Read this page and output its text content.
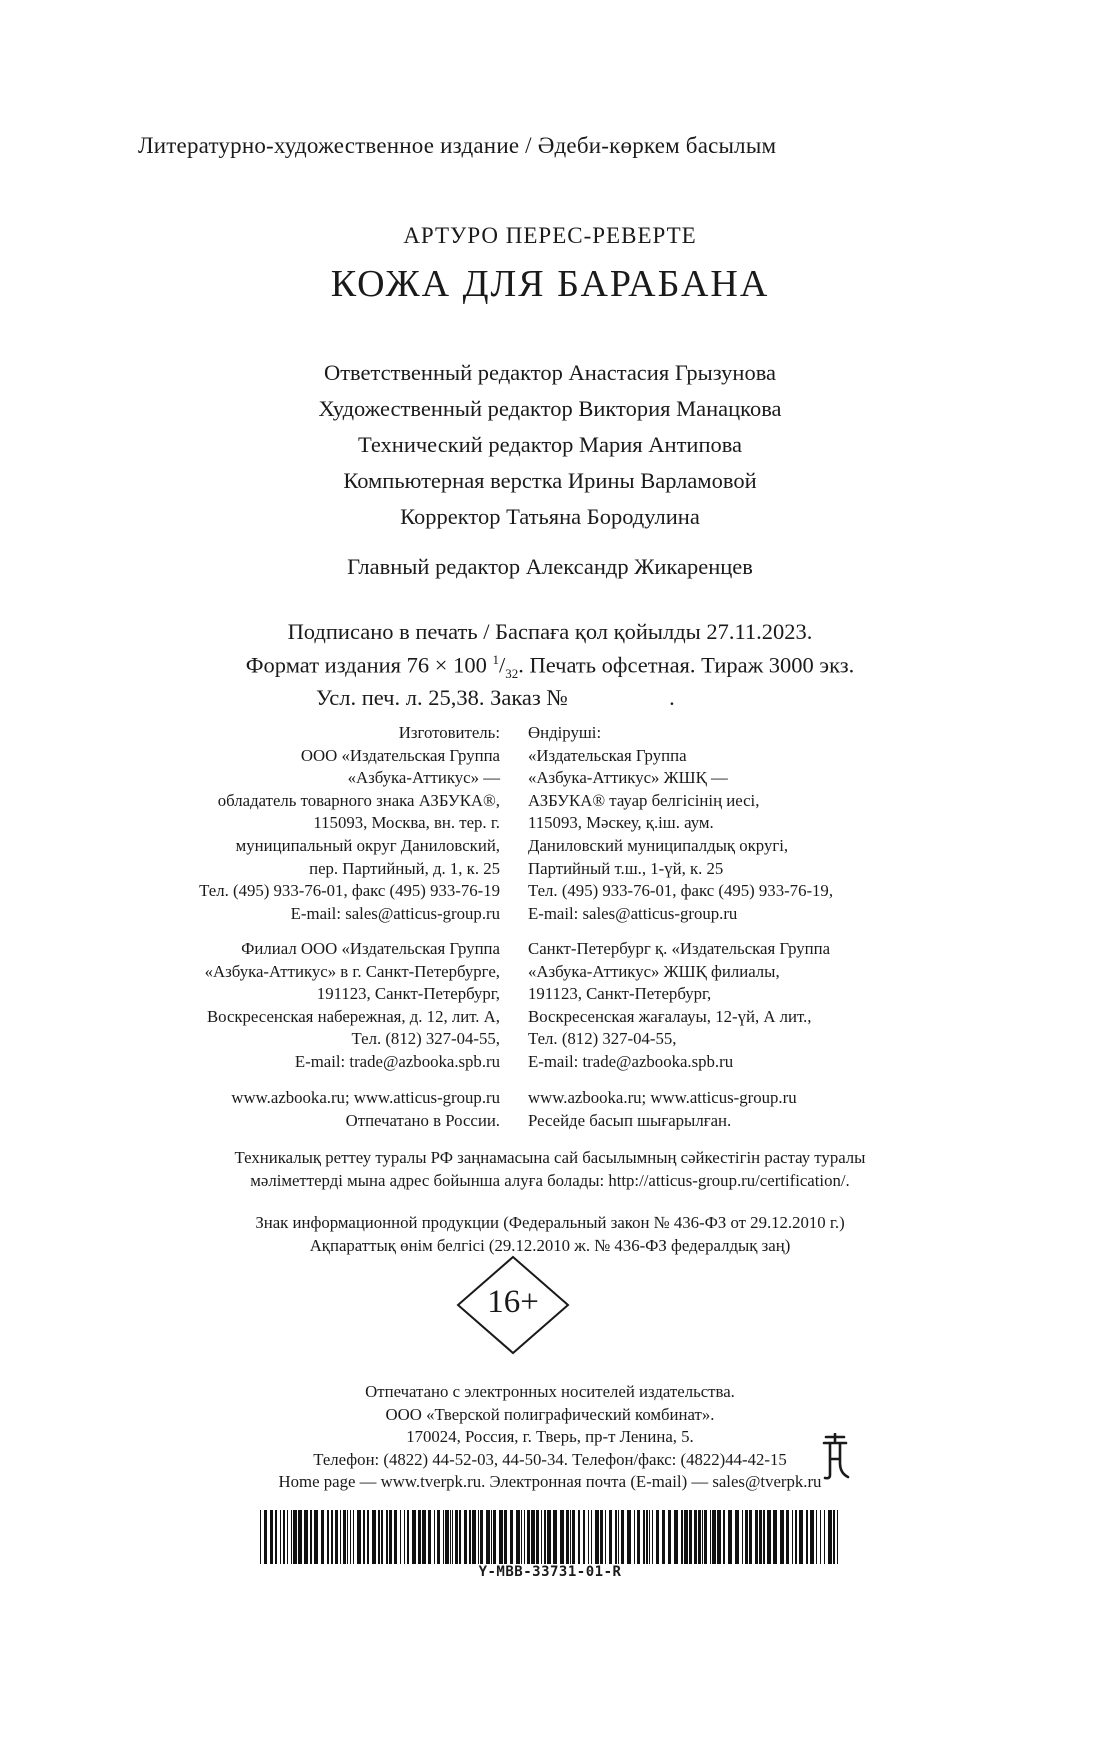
Литературно-художественное издание / Әдеби-көркем басылым
АРТУРО ПЕРЕС-РЕВЕРТЕ
КОЖА ДЛЯ БАРАБАНА
Ответственный редактор Анастасия Грызунова
Художественный редактор Виктория Манацкова
Технический редактор Мария Антипова
Компьютерная верстка Ирины Варламовой
Корректор Татьяна Бородулина
Главный редактор Александр Жикаренцев
Подписано в печать / Баспаға қол қойылды 27.11.2023.
Формат издания 76 × 100 $^1/_{32}$. Печать офсетная. Тираж 3000 экз.
Усл. печ. л. 25,38. Заказ №                  .
Изготовитель:
ООО «Издательская Группа
«Азбука-Аттикус» —
обладатель товарного знака АЗБУКА®,
115093, Москва, вн. тер. г.
муниципальный округ Даниловский,
пер. Партийный, д. 1, к. 25
Тел. (495) 933-76-01, факс (495) 933-76-19
E-mail: sales@atticus-group.ru
Өндіруші:
«Издательская Группа
«Азбука-Аттикус» ЖШҚ —
АЗБУКА® тауар белгісінің иесі,
115093, Мәскеу, қ.іш. аум.
Даниловский муниципалдық округі,
Партийный т.ш., 1-үй, к. 25
Тел. (495) 933-76-01, факс (495) 933-76-19,
E-mail: sales@atticus-group.ru
Филиал ООО «Издательская Группа
«Азбука-Аттикус» в г. Санкт-Петербурге,
191123, Санкт-Петербург,
Воскресенская набережная, д. 12, лит. А,
Тел. (812) 327-04-55,
E-mail: trade@azbooka.spb.ru
Санкт-Петербург қ. «Издательская Группа
«Азбука-Аттикус» ЖШҚ филиалы,
191123, Санкт-Петербург,
Воскресенская жағалауы, 12-үй, А лит.,
Тел. (812) 327-04-55,
E-mail: trade@azbooka.spb.ru
www.azbooka.ru; www.atticus-group.ru
Отпечатано в России.
www.azbooka.ru; www.atticus-group.ru
Ресейде басып шығарылған.
Техникалық реттеу туралы РФ заңнамасына сай басылымның сәйкестігін растау туралы
мәліметтерді мына адрес бойынша алуға болады: http://atticus-group.ru/certification/.
Знак информационной продукции (Федеральный закон № 436-ФЗ от 29.12.2010 г.)
Ақпараттық өнім белгісі (29.12.2010 ж. № 436-ФЗ федералдық заң)
16+
Отпечатано с электронных носителей издательства.
ООО «Тверской полиграфический комбинат».
170024, Россия, г. Тверь, пр-т Ленина, 5.
Телефон: (4822) 44-52-03, 44-50-34. Телефон/факс: (4822)44-42-15
Home page — www.tverpk.ru. Электронная почта (E-mail) — sales@tverpk.ru
Y-MBB-33731-01-R
